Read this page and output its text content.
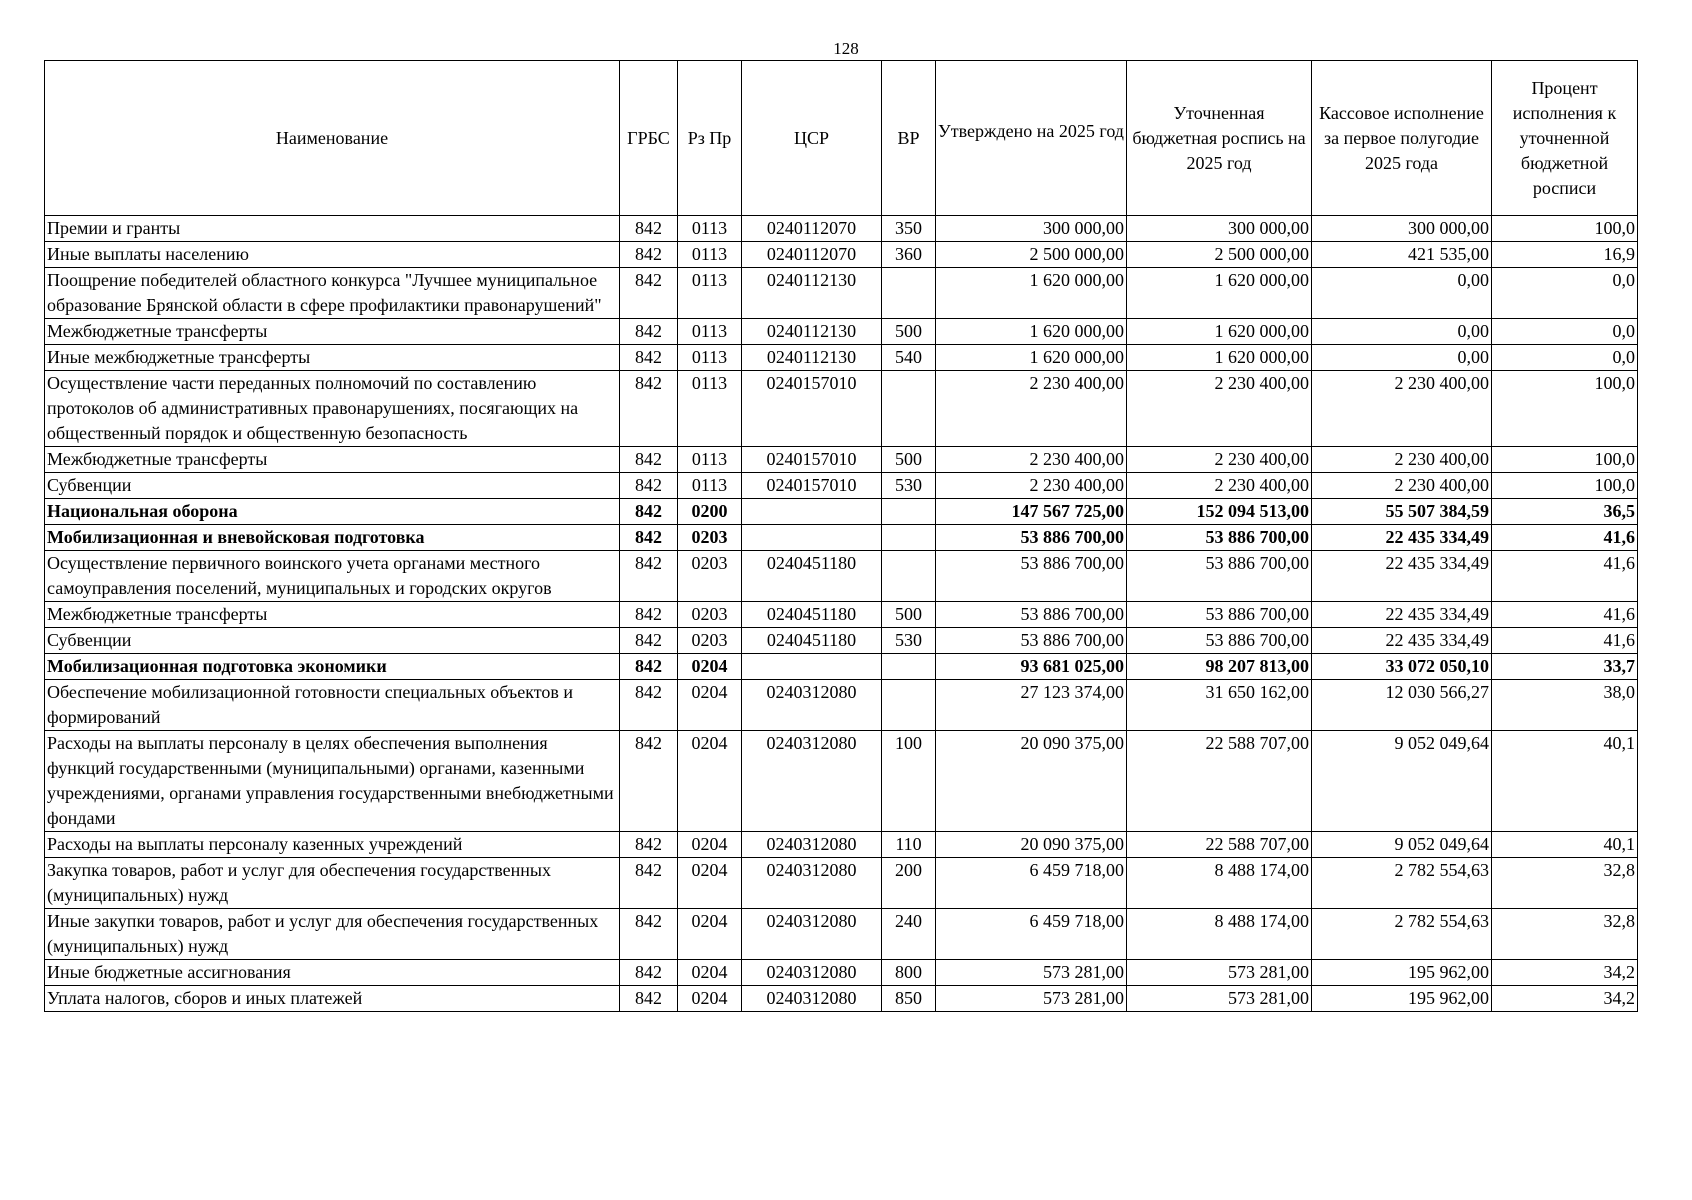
128
Наименование	ГРБС	Рз Пр	ЦСР	ВР	Утверждено на 2025 год	Уточненная бюджетная роспись на 2025 год	Кассовое исполнение за первое полугодие 2025 года	Процент исполнения к уточненной бюджетной росписи
Премии и гранты	842	0113	0240112070	350	300 000,00	300 000,00	300 000,00	100,0
Иные выплаты населению	842	0113	0240112070	360	2 500 000,00	2 500 000,00	421 535,00	16,9
Поощрение победителей областного конкурса "Лучшее муниципальное образование Брянской области в сфере профилактики правонарушений"	842	0113	0240112130		1 620 000,00	1 620 000,00	0,00	0,0
Межбюджетные трансферты	842	0113	0240112130	500	1 620 000,00	1 620 000,00	0,00	0,0
Иные межбюджетные трансферты	842	0113	0240112130	540	1 620 000,00	1 620 000,00	0,00	0,0
Осуществление части переданных полномочий по составлению протоколов об административных правонарушениях, посягающих на общественный порядок и общественную безопасность	842	0113	0240157010		2 230 400,00	2 230 400,00	2 230 400,00	100,0
Межбюджетные трансферты	842	0113	0240157010	500	2 230 400,00	2 230 400,00	2 230 400,00	100,0
Субвенции	842	0113	0240157010	530	2 230 400,00	2 230 400,00	2 230 400,00	100,0
Национальная оборона	842	0200			147 567 725,00	152 094 513,00	55 507 384,59	36,5
Мобилизационная и вневойсковая подготовка	842	0203			53 886 700,00	53 886 700,00	22 435 334,49	41,6
Осуществление первичного воинского учета органами местного самоуправления поселений, муниципальных и городских округов	842	0203	0240451180		53 886 700,00	53 886 700,00	22 435 334,49	41,6
Межбюджетные трансферты	842	0203	0240451180	500	53 886 700,00	53 886 700,00	22 435 334,49	41,6
Субвенции	842	0203	0240451180	530	53 886 700,00	53 886 700,00	22 435 334,49	41,6
Мобилизационная подготовка экономики	842	0204			93 681 025,00	98 207 813,00	33 072 050,10	33,7
Обеспечение мобилизационной готовности специальных объектов и формирований	842	0204	0240312080		27 123 374,00	31 650 162,00	12 030 566,27	38,0
Расходы на выплаты персоналу в целях обеспечения выполнения функций государственными (муниципальными) органами, казенными учреждениями, органами управления государственными внебюджетными фондами	842	0204	0240312080	100	20 090 375,00	22 588 707,00	9 052 049,64	40,1
Расходы на выплаты персоналу казенных учреждений	842	0204	0240312080	110	20 090 375,00	22 588 707,00	9 052 049,64	40,1
Закупка товаров, работ и услуг для обеспечения государственных (муниципальных) нужд	842	0204	0240312080	200	6 459 718,00	8 488 174,00	2 782 554,63	32,8
Иные закупки товаров, работ и услуг для обеспечения государственных (муниципальных) нужд	842	0204	0240312080	240	6 459 718,00	8 488 174,00	2 782 554,63	32,8
Иные бюджетные ассигнования	842	0204	0240312080	800	573 281,00	573 281,00	195 962,00	34,2
Уплата налогов, сборов и иных платежей	842	0204	0240312080	850	573 281,00	573 281,00	195 962,00	34,2
